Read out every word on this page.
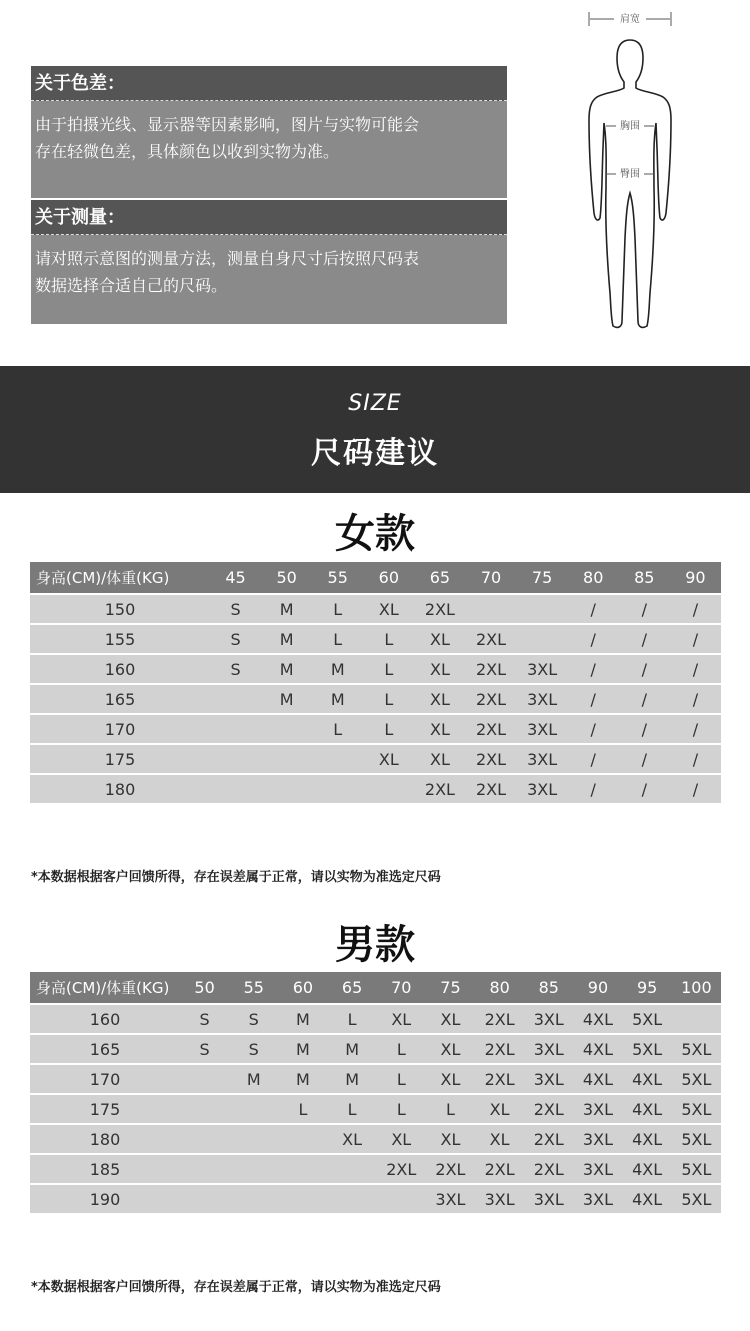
关于色差：
由于拍摄光线、显示器等因素影响，图片与实物可能会
存在轻微色差，具体颜色以收到实物为准。
关于测量：
请对照示意图的测量方法，测量自身尺寸后按照尺码表
数据选择合适自己的尺码。
肩宽
胸围
臀围
SIZE
尺码建议
女款
身高(CM)/体重(KG)	45	50	55	60	65	70	75	80	85	90
150	S	M	L	XL	2XL			/	/	/
155	S	M	L	L	XL	2XL		/	/	/
160	S	M	M	L	XL	2XL	3XL	/	/	/
165		M	M	L	XL	2XL	3XL	/	/	/
170			L	L	XL	2XL	3XL	/	/	/
175				XL	XL	2XL	3XL	/	/	/
180					2XL	2XL	3XL	/	/	/
*本数据根据客户回馈所得，存在误差属于正常，请以实物为准选定尺码
男款
身高(CM)/体重(KG)	50	55	60	65	70	75	80	85	90	95	100
160	S	S	M	L	XL	XL	2XL	3XL	4XL	5XL	
165	S	S	M	M	L	XL	2XL	3XL	4XL	5XL	5XL
170		M	M	M	L	XL	2XL	3XL	4XL	4XL	5XL
175			L	L	L	L	XL	2XL	3XL	4XL	5XL
180				XL	XL	XL	XL	2XL	3XL	4XL	5XL
185					2XL	2XL	2XL	2XL	3XL	4XL	5XL
190						3XL	3XL	3XL	3XL	4XL	5XL
*本数据根据客户回馈所得，存在误差属于正常，请以实物为准选定尺码
